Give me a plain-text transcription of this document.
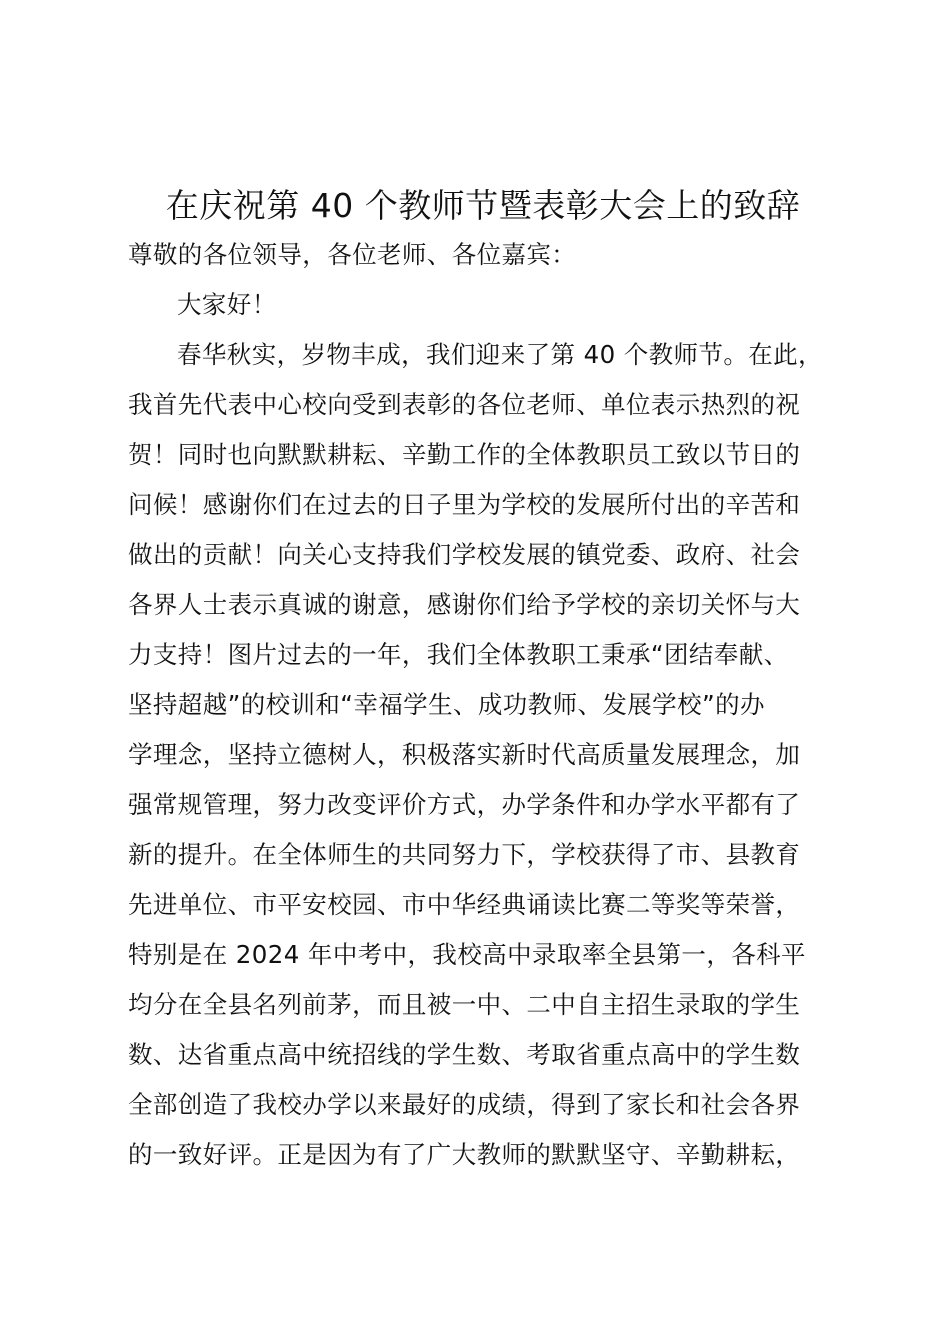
在庆祝第 40 个教师节暨表彰大会上的致辞
尊敬的各位领导，各位老师、各位嘉宾：
大家好！
春华秋实，岁物丰成，我们迎来了第 40 个教师节。在此，
我首先代表中心校向受到表彰的各位老师、单位表示热烈的祝
贺！同时也向默默耕耘、辛勤工作的全体教职员工致以节日的
问候！感谢你们在过去的日子里为学校的发展所付出的辛苦和
做出的贡献！向关心支持我们学校发展的镇党委、政府、社会
各界人士表示真诚的谢意，感谢你们给予学校的亲切关怀与大
力支持！图片过去的一年，我们全体教职工秉承“团结奉献、
坚持超越”的校训和“幸福学生、成功教师、发展学校”的办
学理念，坚持立德树人，积极落实新时代高质量发展理念，加
强常规管理，努力改变评价方式，办学条件和办学水平都有了
新的提升。在全体师生的共同努力下，学校获得了市、县教育
先进单位、市平安校园、市中华经典诵读比赛二等奖等荣誉，
特别是在 2024 年中考中，我校高中录取率全县第一，各科平
均分在全县名列前茅，而且被一中、二中自主招生录取的学生
数、达省重点高中统招线的学生数、考取省重点高中的学生数
全部创造了我校办学以来最好的成绩，得到了家长和社会各界
的一致好评。正是因为有了广大教师的默默坚守、辛勤耕耘，
